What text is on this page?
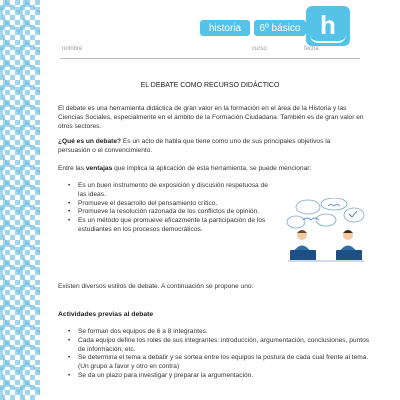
historia	6º básico h
nombre	curso	fecha
EL DEBATE COMO RECURSO DIDÁCTICO

El debate es una herramienta didáctica de gran valor en la formación en el área de la Historia y las Ciencias Sociales, especialmente en el ámbito de la Formación Ciudadana. También es de gran valor en otros sectores.

¿Qué es un debate? Es un acto de habla que tiene como uno de sus principales objetivos la persuasión o el convencimiento.

Entre las ventajas que implica la aplicación de esta herramienta, se puede mencionar:

• Es un buen instrumento de exposición y discusión respetuosa de las ideas.
• Promueve el desarrollo del pensamiento crítico.
• Promueve la resolución razonada de los conflictos de opinión.
• Es un método que promueve eficazmente la participación de los estudiantes en los procesos democráticos.

Existen diversos estilos de debate. A continuación se propone uno:

Actividades previas al debate
• Se forman dos equipos de 6 a 8 integrantes.
• Cada equipo define los roles de sus integrantes: introducción, argumentación, conclusiones, puntos de información, etc.
• Se determina el tema a debatir y se sortea entre los equipos la postura de cada cual frente al tema. (Un grupo a favor y otro en contra)
• Se da un plazo para investigar y preparar la argumentación.
